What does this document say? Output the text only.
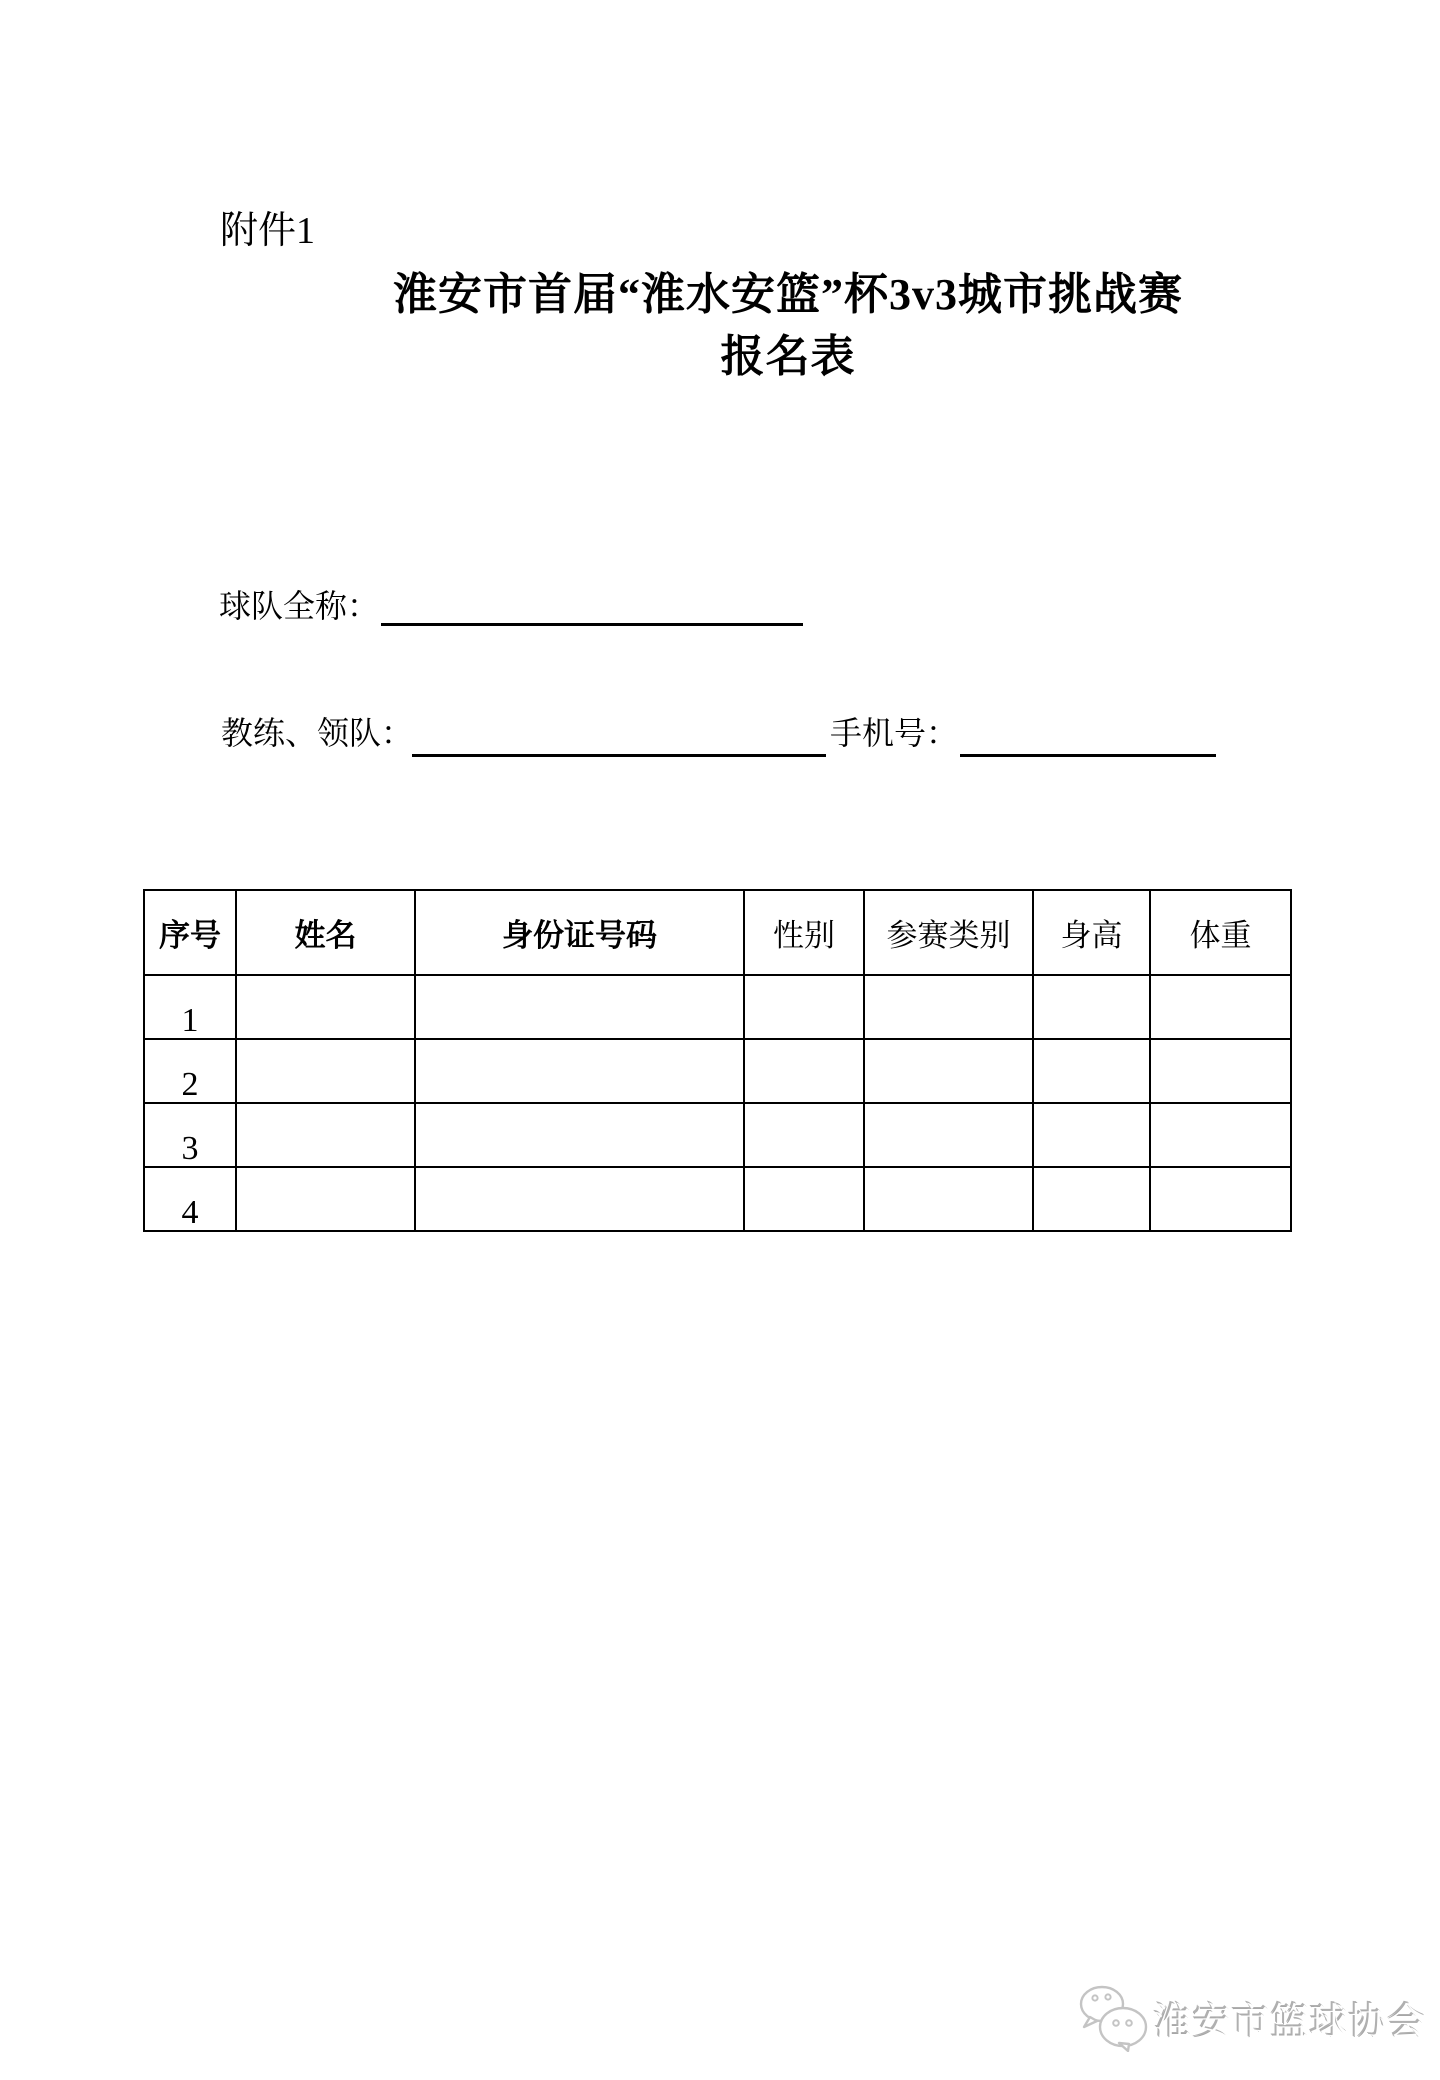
附件1
淮安市首届“淮水安篮”杯3v3城市挑战赛
报名表
球队全称：
教练、领队：	手机号：
序号	姓名	身份证号码	性别	参赛类别	身高	体重
1						
2						
3						
4						
淮安市篮球协会
